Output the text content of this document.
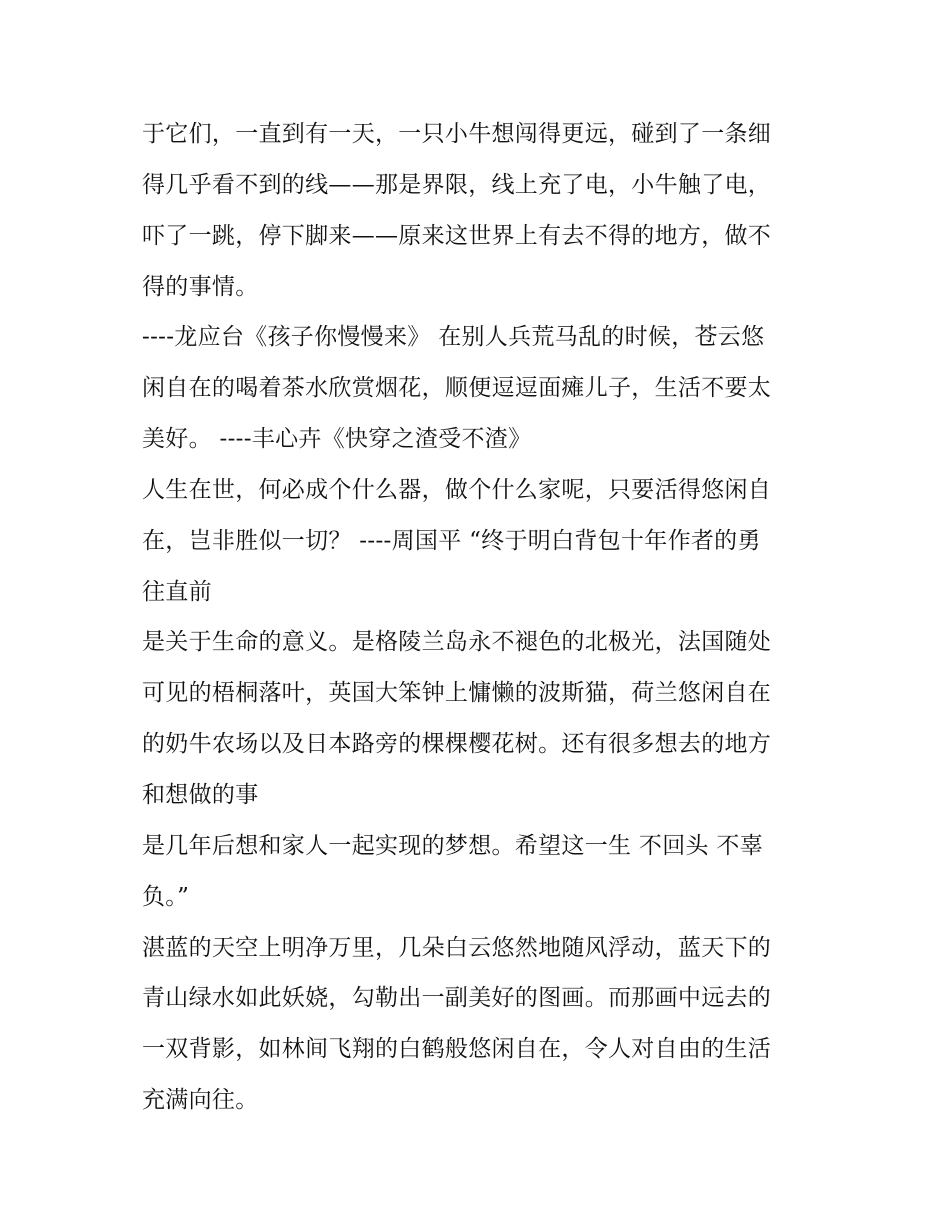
于它们，一直到有一天，一只小牛想闯得更远，碰到了一条细
得几乎看不到的线——那是界限，线上充了电，小牛触了电，
吓了一跳，停下脚来——原来这世界上有去不得的地方，做不
得的事情。
----龙应台《孩子你慢慢来》 在别人兵荒马乱的时候，苍云悠
闲自在的喝着茶水欣赏烟花，顺便逗逗面瘫儿子，生活不要太
美好。 ----丰心卉《快穿之渣受不渣》
人生在世，何必成个什么器，做个什么家呢，只要活得悠闲自
在，岂非胜似一切？ ----周国平 “终于明白背包十年作者的勇
往直前
是关于生命的意义。是格陵兰岛永不褪色的北极光，法国随处
可见的梧桐落叶，英国大笨钟上慵懒的波斯猫，荷兰悠闲自在
的奶牛农场以及日本路旁的棵棵樱花树。还有很多想去的地方
和想做的事
是几年后想和家人一起实现的梦想。希望这一生 不回头 不辜
负。”
湛蓝的天空上明净万里，几朵白云悠然地随风浮动，蓝天下的
青山绿水如此妖娆，勾勒出一副美好的图画。而那画中远去的
一双背影，如林间飞翔的白鹤般悠闲自在，令人对自由的生活
充满向往。
